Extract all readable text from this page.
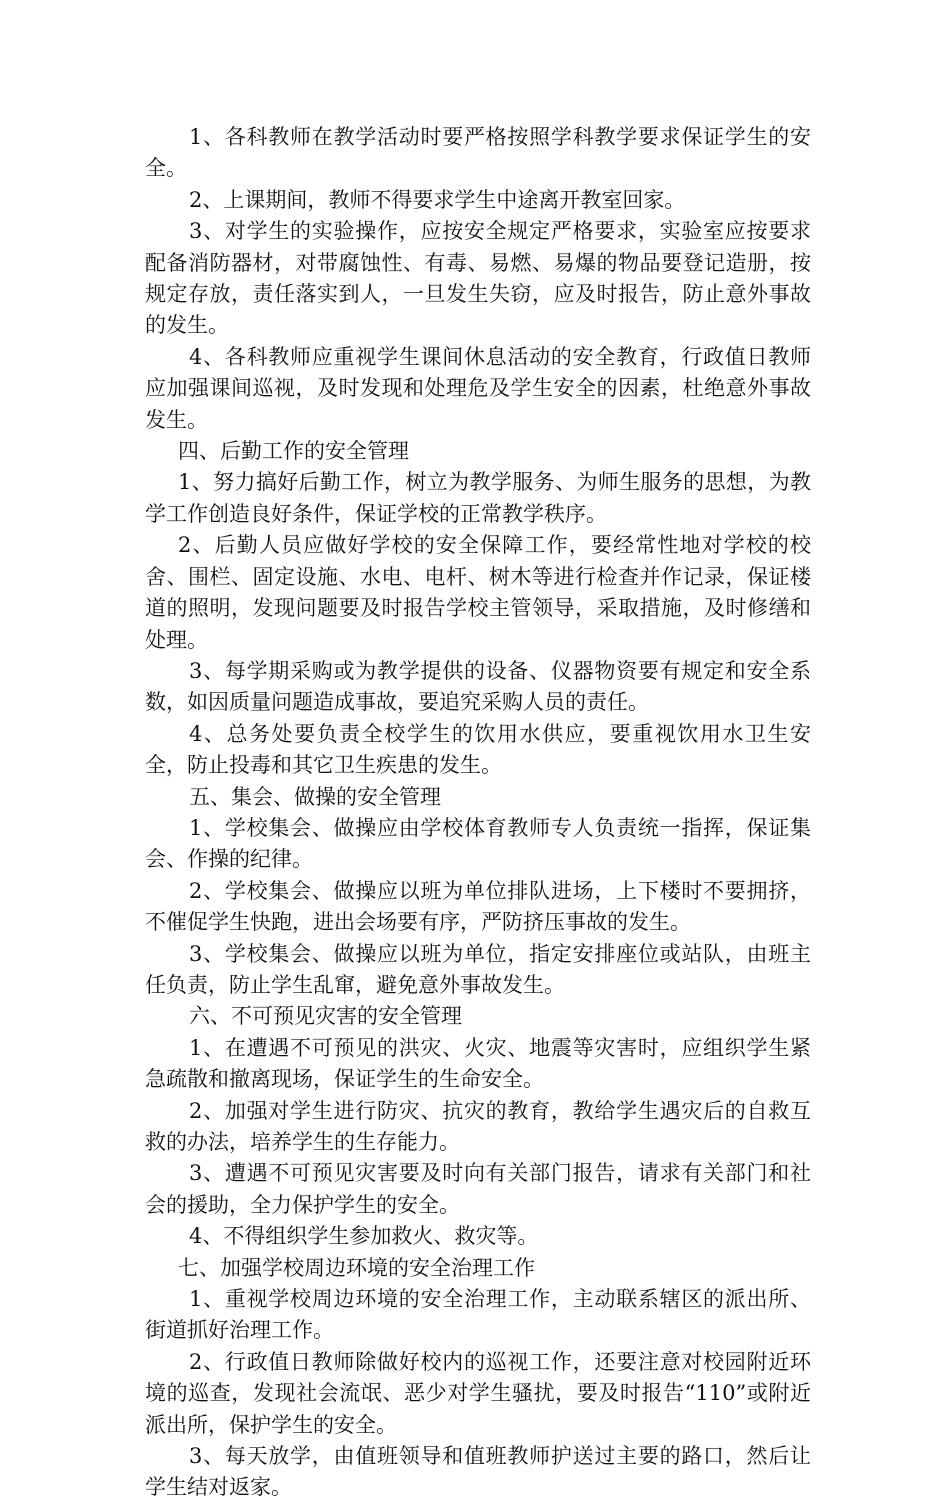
1、各科教师在教学活动时要严格按照学科教学要求保证学生的安全。

2、上课期间，教师不得要求学生中途离开教室回家。

3、对学生的实验操作，应按安全规定严格要求，实验室应按要求配备消防器材，对带腐蚀性、有毒、易燃、易爆的物品要登记造册，按规定存放，责任落实到人，一旦发生失窃，应及时报告，防止意外事故的发生。

4、各科教师应重视学生课间休息活动的安全教育，行政值日教师应加强课间巡视，及时发现和处理危及学生安全的因素，杜绝意外事故发生。

四、后勤工作的安全管理

1、努力搞好后勤工作，树立为教学服务、为师生服务的思想，为教学工作创造良好条件，保证学校的正常教学秩序。

2、后勤人员应做好学校的安全保障工作，要经常性地对学校的校舍、围栏、固定设施、水电、电杆、树木等进行检查并作记录，保证楼道的照明，发现问题要及时报告学校主管领导，采取措施，及时修缮和处理。

3、每学期采购或为教学提供的设备、仪器物资要有规定和安全系数，如因质量问题造成事故，要追究采购人员的责任。

4、总务处要负责全校学生的饮用水供应，要重视饮用水卫生安全，防止投毒和其它卫生疾患的发生。

五、集会、做操的安全管理

1、学校集会、做操应由学校体育教师专人负责统一指挥，保证集会、作操的纪律。

2、学校集会、做操应以班为单位排队进场，上下楼时不要拥挤，不催促学生快跑，进出会场要有序，严防挤压事故的发生。

3、学校集会、做操应以班为单位，指定安排座位或站队，由班主任负责，防止学生乱窜，避免意外事故发生。

六、不可预见灾害的安全管理

1、在遭遇不可预见的洪灾、火灾、地震等灾害时，应组织学生紧急疏散和撤离现场，保证学生的生命安全。

2、加强对学生进行防灾、抗灾的教育，教给学生遇灾后的自救互救的办法，培养学生的生存能力。

3、遭遇不可预见灾害要及时向有关部门报告，请求有关部门和社会的援助，全力保护学生的安全。

4、不得组织学生参加救火、救灾等。

七、加强学校周边环境的安全治理工作

1、重视学校周边环境的安全治理工作，主动联系辖区的派出所、街道抓好治理工作。

2、行政值日教师除做好校内的巡视工作，还要注意对校园附近环境的巡查，发现社会流氓、恶少对学生骚扰，要及时报告“110”或附近派出所，保护学生的安全。

3、每天放学，由值班领导和值班教师护送过主要的路口，然后让学生结对返家。
